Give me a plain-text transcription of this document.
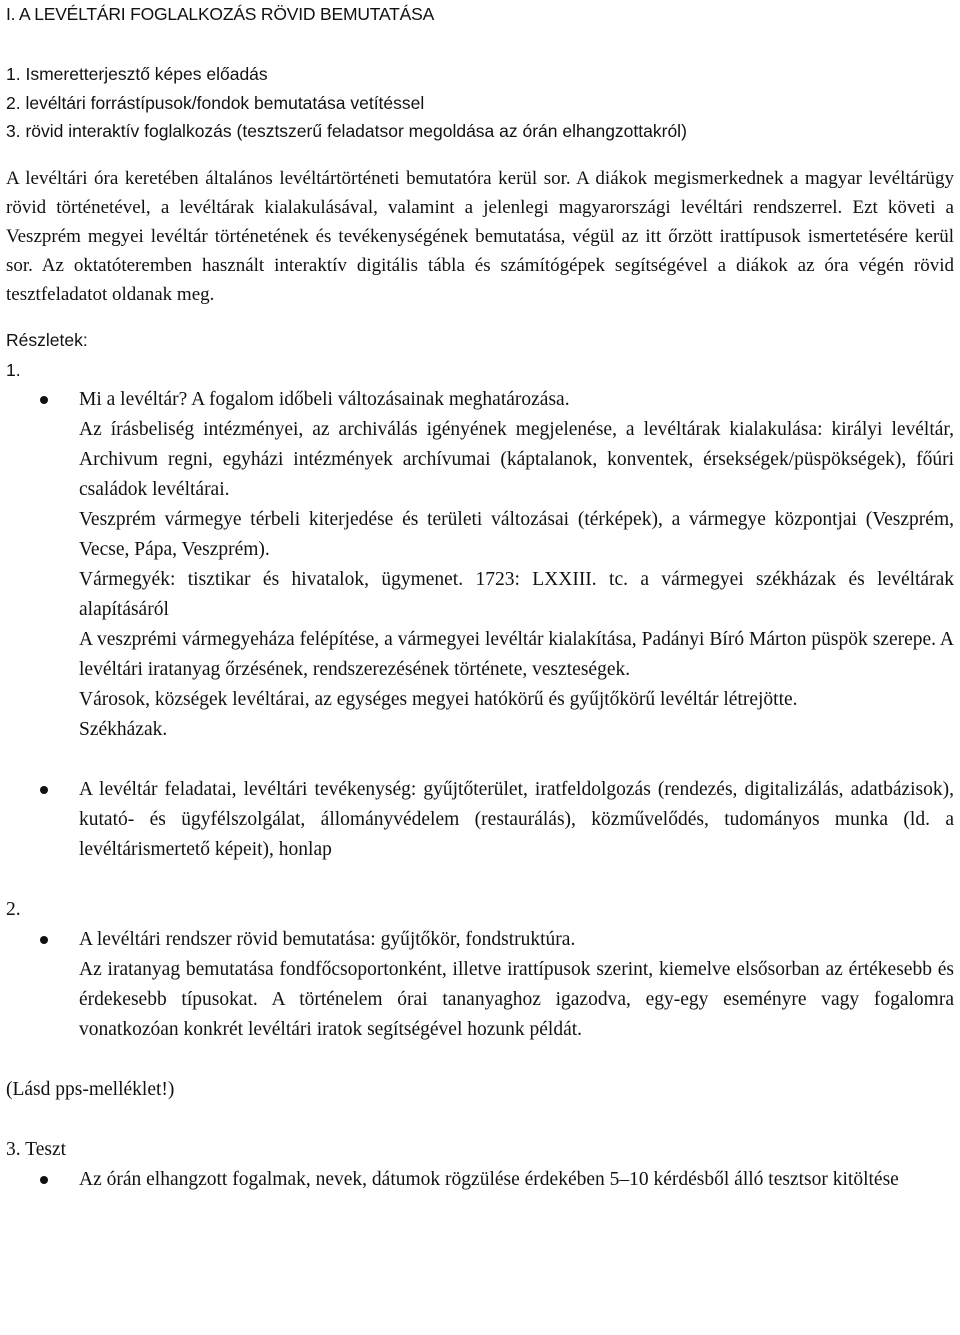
I. A LEVÉLTÁRI FOGLALKOZÁS RÖVID BEMUTATÁSA
1. Ismeretterjesztő képes előadás
2. levéltári forrástípusok/fondok bemutatása vetítéssel
3. rövid interaktív foglalkozás (tesztszerű feladatsor megoldása az órán elhangzottakról)
A levéltári óra keretében általános levéltártörténeti bemutatóra kerül sor. A diákok megismerkednek a magyar levéltárügy rövid történetével, a levéltárak kialakulásával, valamint a jelenlegi magyarországi levéltári rendszerrel. Ezt követi a Veszprém megyei levéltár történetének és tevékenységének bemutatása, végül az itt őrzött irattípusok ismertetésére kerül sor. Az oktatóteremben használt interaktív digitális tábla és számítógépek segítségével a diákok az óra végén rövid tesztfeladatot oldanak meg.
Részletek:
1.
Mi a levéltár? A fogalom időbeli változásainak meghatározása.
Az írásbeliség intézményei, az archiválás igényének megjelenése, a levéltárak kialakulása: királyi levéltár, Archivum regni, egyházi intézmények archívumai (káptalanok, konventek, érsekségek/püspökségek), főúri családok levéltárai.
Veszprém vármegye térbeli kiterjedése és területi változásai (térképek), a vármegye központjai (Veszprém, Vecse, Pápa, Veszprém).
Vármegyék: tisztikar és hivatalok, ügymenet. 1723: LXXIII. tc. a vármegyei székházak és levéltárak alapításáról
A veszprémi vármegyeháza felépítése, a vármegyei levéltár kialakítása, Padányi Bíró Márton püspök szerepe. A levéltári iratanyag őrzésének, rendszerezésének története, veszteségek.
Városok, községek levéltárai, az egységes megyei hatókörű és gyűjtőkörű levéltár létrejötte.
Székházak.
A levéltár feladatai, levéltári tevékenység: gyűjtőterület, iratfeldolgozás (rendezés, digitalizálás, adatbázisok), kutató- és ügyfélszolgálat, állományvédelem (restaurálás), közművelődés, tudományos munka (ld. a levéltárismertető képeit), honlap
2.
A levéltári rendszer rövid bemutatása: gyűjtőkör, fondstruktúra.
Az iratanyag bemutatása fondfőcsoportonként, illetve irattípusok szerint, kiemelve elsősorban az értékesebb és érdekesebb típusokat. A történelem órai tananyaghoz igazodva, egy-egy eseményre vagy fogalomra vonatkozóan konkrét levéltári iratok segítségével hozunk példát.
(Lásd pps-melléklet!)
3. Teszt
Az órán elhangzott fogalmak, nevek, dátumok rögzülése érdekében 5–10 kérdésből álló tesztsor kitöltése
